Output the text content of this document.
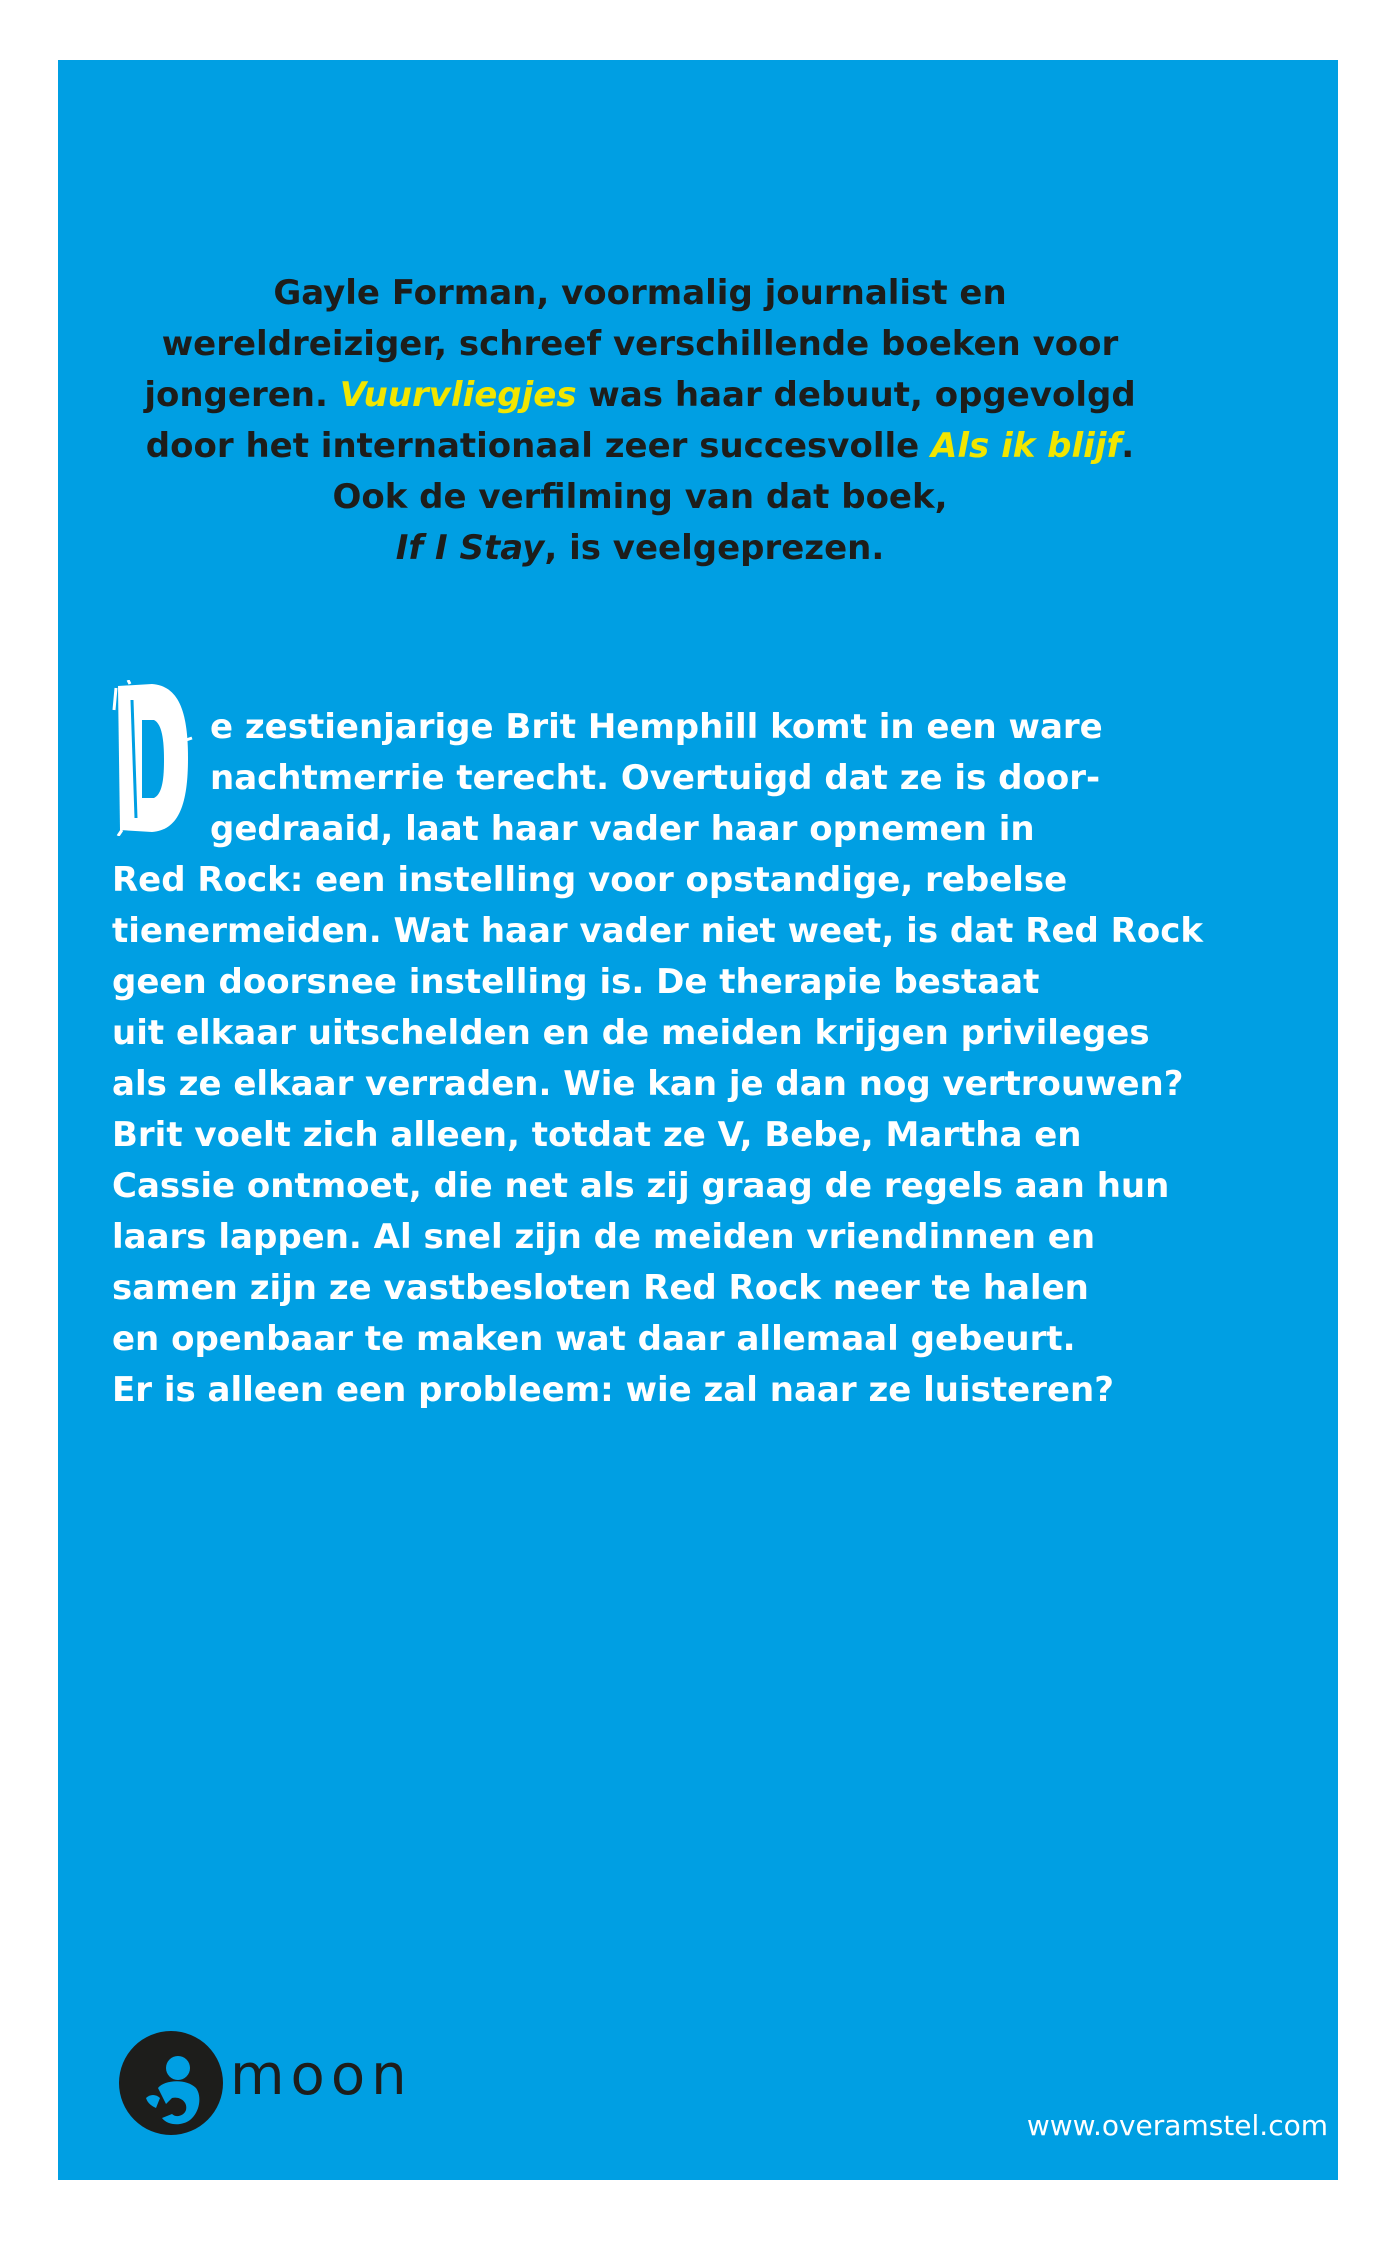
Gayle Forman, voormalig journalist en
wereldreiziger, schreef verschillende boeken voor
jongeren. Vuurvliegjes was haar debuut, opgevolgd
door het internationaal zeer succesvolle Als ik blijf.
Ook de verfilming van dat boek,
If I Stay, is veelgeprezen.
e zestienjarige Brit Hemphill komt in een ware
nachtmerrie terecht. Overtuigd dat ze is door-
gedraaid, laat haar vader haar opnemen in
Red Rock: een instelling voor opstandige, rebelse
tienermeiden. Wat haar vader niet weet, is dat Red Rock
geen doorsnee instelling is. De therapie bestaat
uit elkaar uitschelden en de meiden krijgen privileges
als ze elkaar verraden. Wie kan je dan nog vertrouwen?
Brit voelt zich alleen, totdat ze V, Bebe, Martha en
Cassie ontmoet, die net als zij graag de regels aan hun
laars lappen. Al snel zijn de meiden vriendinnen en
samen zijn ze vastbesloten Red Rock neer te halen
en openbaar te maken wat daar allemaal gebeurt.
Er is alleen een probleem: wie zal naar ze luisteren?
moon
www.overamstel.com
